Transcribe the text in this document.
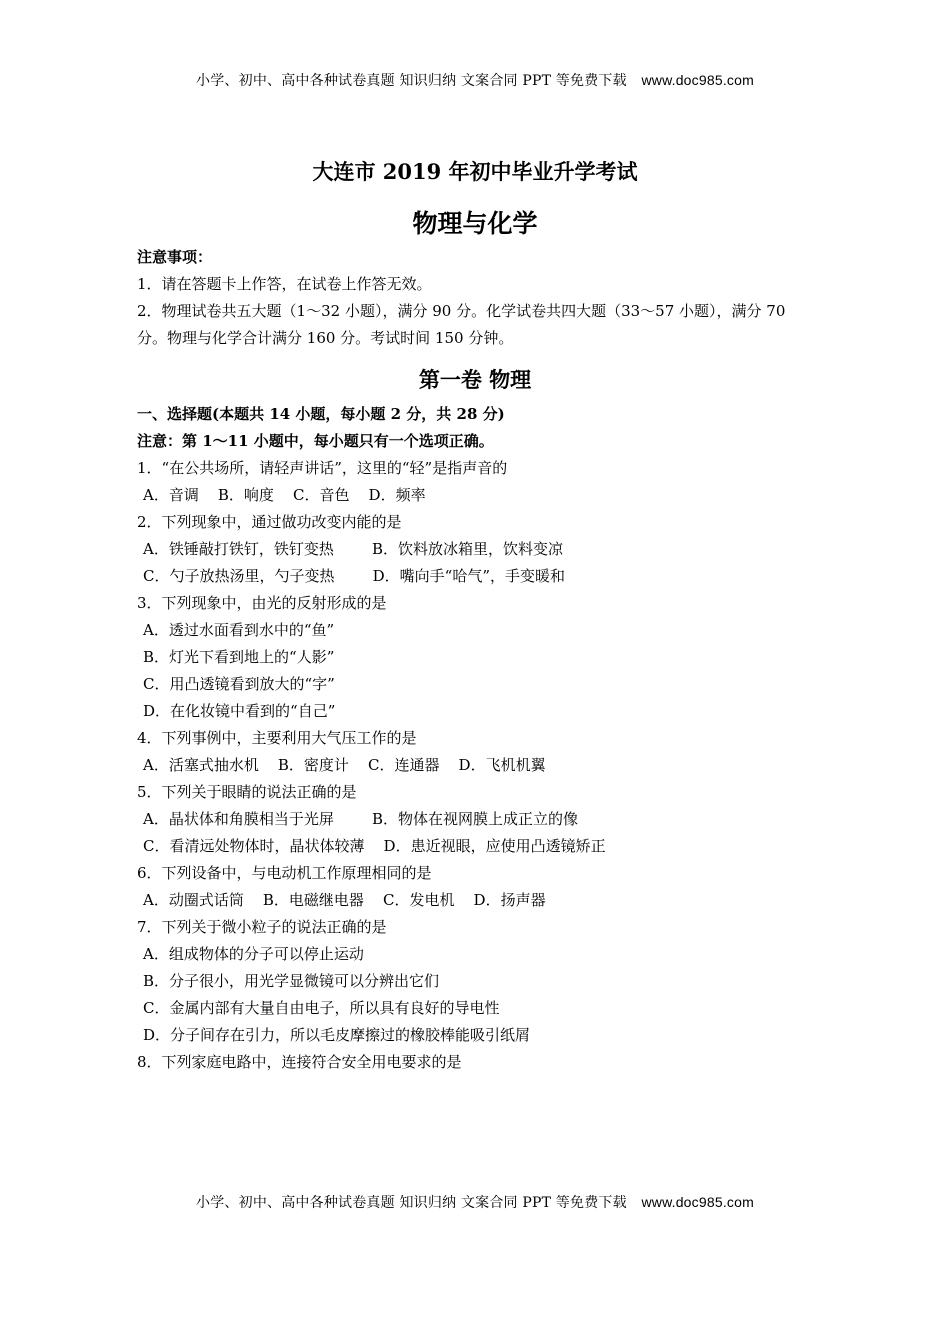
小学、初中、高中各种试卷真题 知识归纳 文案合同 PPT 等免费下载 www.doc985.com
大连市 2019 年初中毕业升学考试
物理与化学
注意事项：
1．请在答题卡上作答，在试卷上作答无效。
2．物理试卷共五大题（1～32 小题），满分 90 分。化学试卷共四大题（33～57 小题），满分 70 分。物理与化学合计满分 160 分。考试时间 150 分钟。
第一卷 物理
一、选择题(本题共 14 小题，每小题 2 分，共 28 分)
注意：第 1～11 小题中，每小题只有一个选项正确。
1．“在公共场所，请轻声讲话”，这里的“轻”是指声音的
A．音调    B．响度    C．音色    D．频率
2．下列现象中，通过做功改变内能的是
A．铁锤敲打铁钉，铁钉变热        B．饮料放冰箱里，饮料变凉
C．勺子放热汤里，勺子变热        D．嘴向手“哈气”，手变暖和
3．下列现象中，由光的反射形成的是
A．透过水面看到水中的“鱼”
B．灯光下看到地上的“人影”
C．用凸透镜看到放大的“字”
D．在化妆镜中看到的“自己”
4．下列事例中，主要利用大气压工作的是
A．活塞式抽水机    B．密度计    C．连通器    D．飞机机翼
5．下列关于眼睛的说法正确的是
A．晶状体和角膜相当于光屏        B．物体在视网膜上成正立的像
C．看清远处物体时，晶状体较薄    D．患近视眼，应使用凸透镜矫正
6．下列设备中，与电动机工作原理相同的是
A．动圈式话筒    B．电磁继电器    C．发电机    D．扬声器
7．下列关于微小粒子的说法正确的是
A．组成物体的分子可以停止运动
B．分子很小，用光学显微镜可以分辨出它们
C．金属内部有大量自由电子，所以具有良好的导电性
D．分子间存在引力，所以毛皮摩擦过的橡胶棒能吸引纸屑
8．下列家庭电路中，连接符合安全用电要求的是
小学、初中、高中各种试卷真题 知识归纳 文案合同 PPT 等免费下载 www.doc985.com
